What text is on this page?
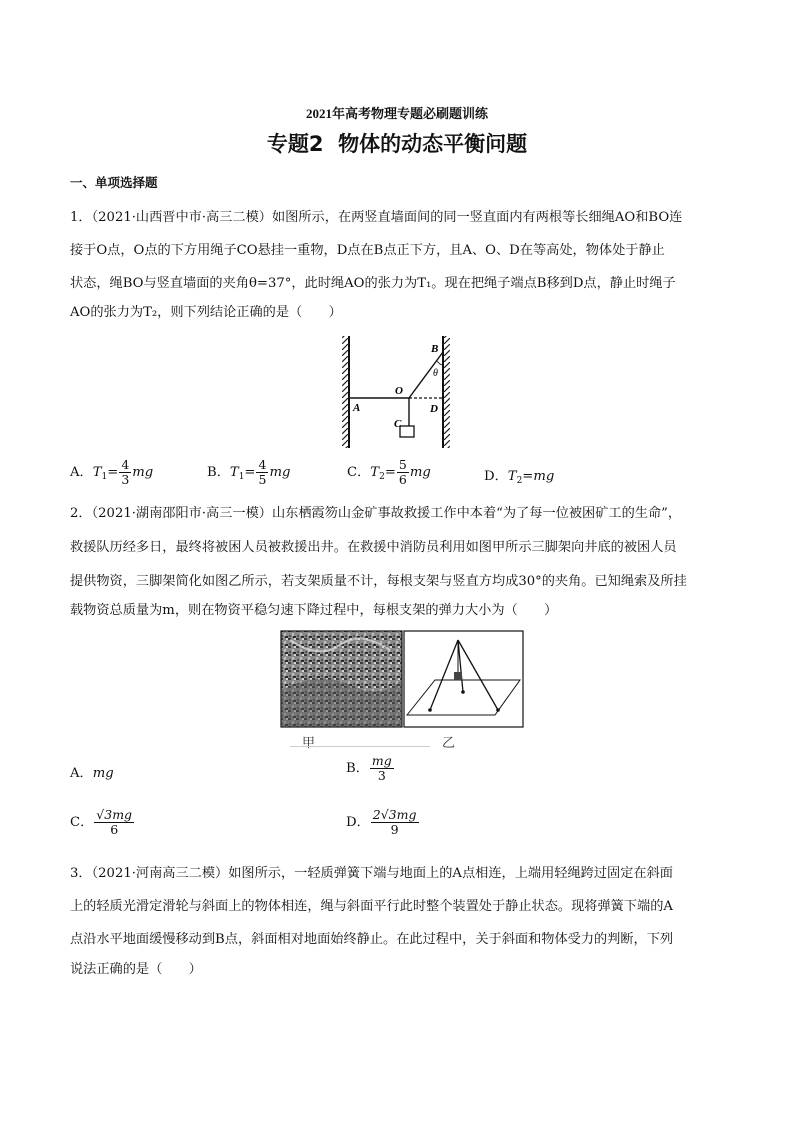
2021年高考物理专题必刷题训练
专题2  物体的动态平衡问题
一、单项选择题
1．（2021·山西晋中市·高三二模）如图所示，在两竖直墙面间的同一竖直面内有两根等长细绳AO和BO连
接于O点，O点的下方用绳子CO悬挂一重物，D点在B点正下方，且A、O、D在等高处，物体处于静止
状态，绳BO与竖直墙面的夹角θ=37°，此时绳AO的张力为T₁。现在把绳子端点B移到D点，静止时绳子
AO的张力为T₂，则下列结论正确的是（　　）
B
θ
O
A	D
C
A．$T_1= \frac{4}{3}$ mg	B．$T_1= \frac{4}{5}$ mg	C．$T_2= \frac{5}{6}$ mg	D．$T_2=mg$
2．（2021·湖南邵阳市·高三一模）山东栖霞笏山金矿事故救援工作中本着“为了每一位被困矿工的生命”，
救援队历经多日，最终将被困人员被救援出井。在救援中消防员利用如图甲所示三脚架向井底的被困人员
提供物资，三脚架简化如图乙所示，若支架质量不计，每根支架与竖直方均成30°的夹角。已知绳索及所挂
载物资总质量为m，则在物资平稳匀速下降过程中，每根支架的弹力大小为（　　）
甲	乙
A．mg	B． $\frac{mg}{3}$
C． $\frac{√3mg}{6}$	D． $\frac{2√3mg}{9}$
3．（2021·河南高三二模）如图所示，一轻质弹簧下端与地面上的A点相连，上端用轻绳跨过固定在斜面
上的轻质光滑定滑轮与斜面上的物体相连，绳与斜面平行此时整个装置处于静止状态。现将弹簧下端的A
点沿水平地面缓慢移动到B点，斜面相对地面始终静止。在此过程中，关于斜面和物体受力的判断，下列
说法正确的是（　　）
